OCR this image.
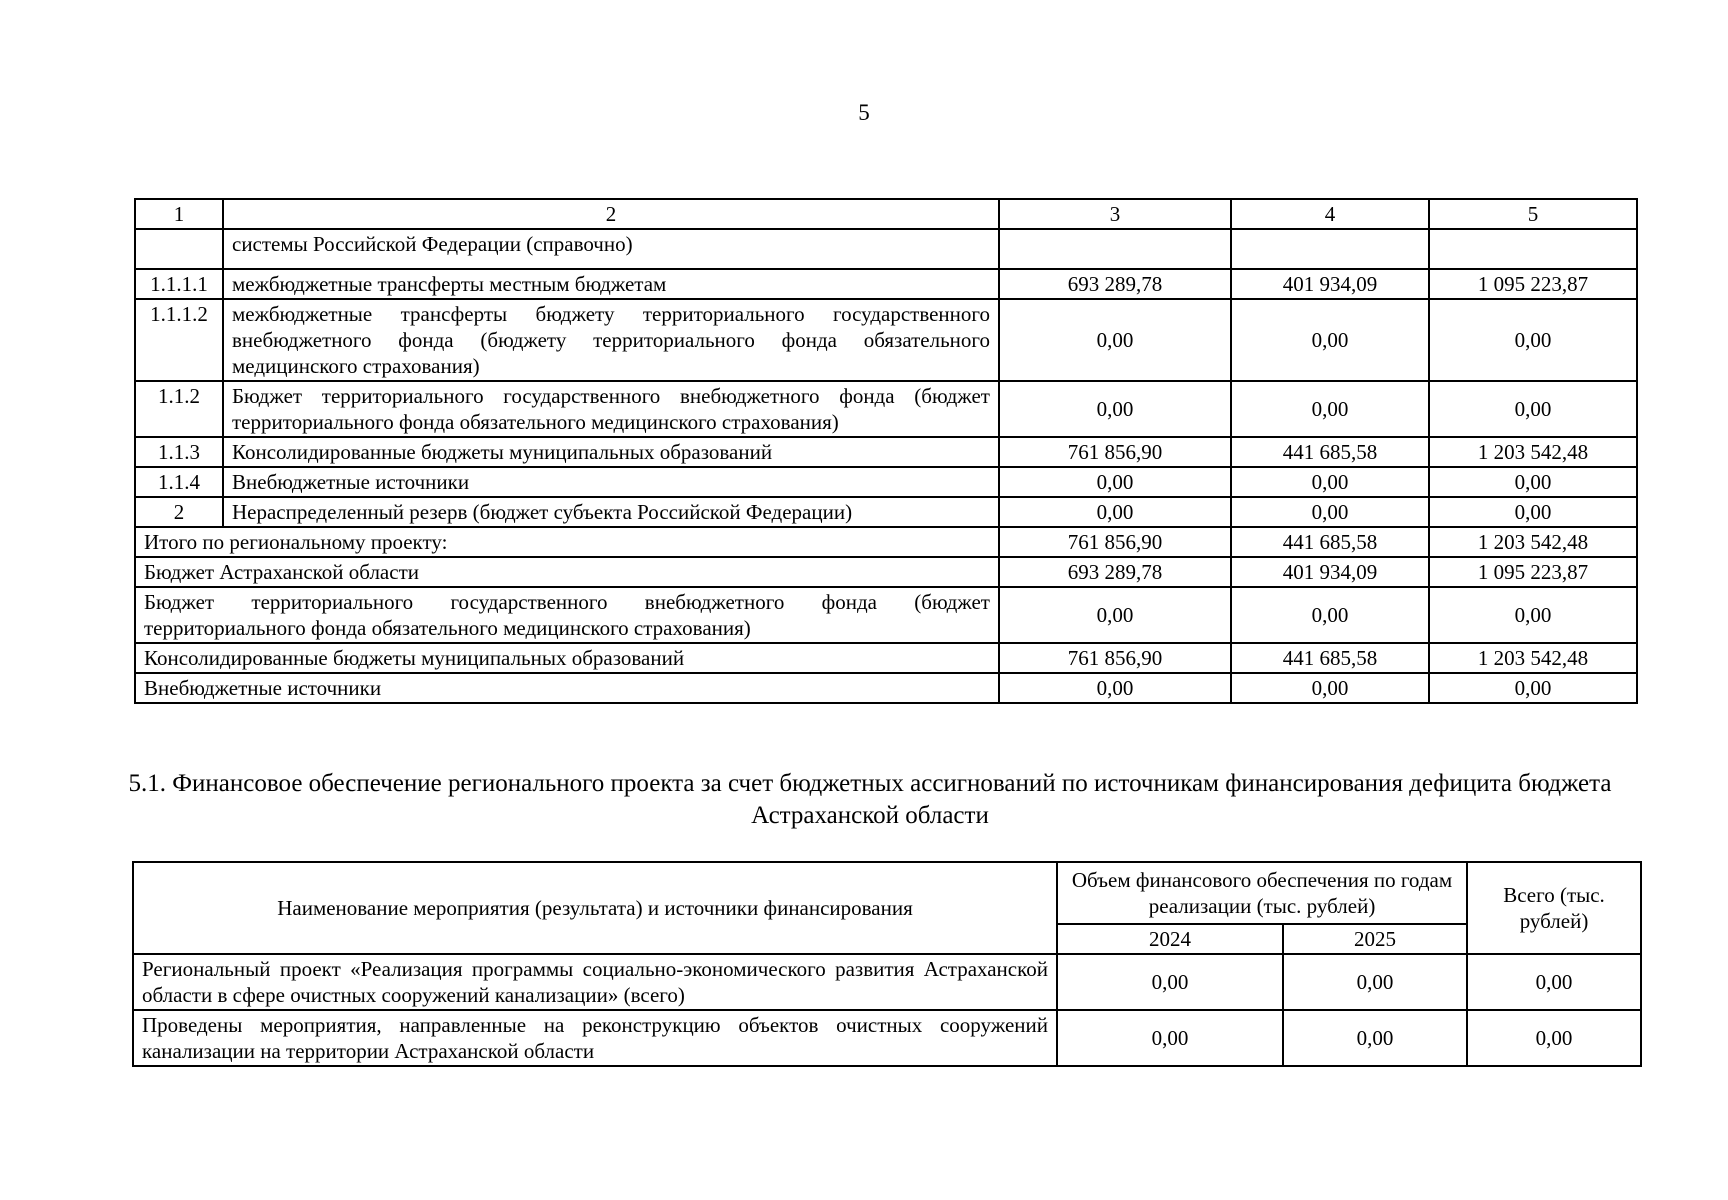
5
1	2	3	4	5
	системы Российской Федерации (справочно)			
1.1.1.1	межбюджетные трансферты местным бюджетам	693 289,78	401 934,09	1 095 223,87
1.1.1.2	межбюджетные трансферты бюджету территориального государственного внебюджетного фонда (бюджету территориального фонда обязательного медицинского страхования)	0,00	0,00	0,00
1.1.2	Бюджет территориального государственного внебюджетного фонда (бюджет территориального фонда обязательного медицинского страхования)	0,00	0,00	0,00
1.1.3	Консолидированные бюджеты муниципальных образований	761 856,90	441 685,58	1 203 542,48
1.1.4	Внебюджетные источники	0,00	0,00	0,00
2	Нераспределенный резерв (бюджет субъекта Российской Федерации)	0,00	0,00	0,00
Итого по региональному проекту:		761 856,90	441 685,58	1 203 542,48
Бюджет Астраханской области		693 289,78	401 934,09	1 095 223,87
Бюджет территориального государственного внебюджетного фонда (бюджет территориального фонда обязательного медицинского страхования)		0,00	0,00	0,00
Консолидированные бюджеты муниципальных образований		761 856,90	441 685,58	1 203 542,48
Внебюджетные источники		0,00	0,00	0,00
5.1. Финансовое обеспечение регионального проекта за счет бюджетных ассигнований по источникам финансирования дефицита бюджета Астраханской области
Наименование мероприятия (результата) и источники финансирования	Объем финансового обеспечения по годам реализации (тыс. рублей)		Всего (тыс. рублей)
	2024	2025	
Региональный проект «Реализация программы социально-экономического развития Астраханской области в сфере очистных сооружений канализации» (всего)	0,00	0,00	0,00
Проведены мероприятия, направленные на реконструкцию объектов очистных сооружений канализации на территории Астраханской области	0,00	0,00	0,00
